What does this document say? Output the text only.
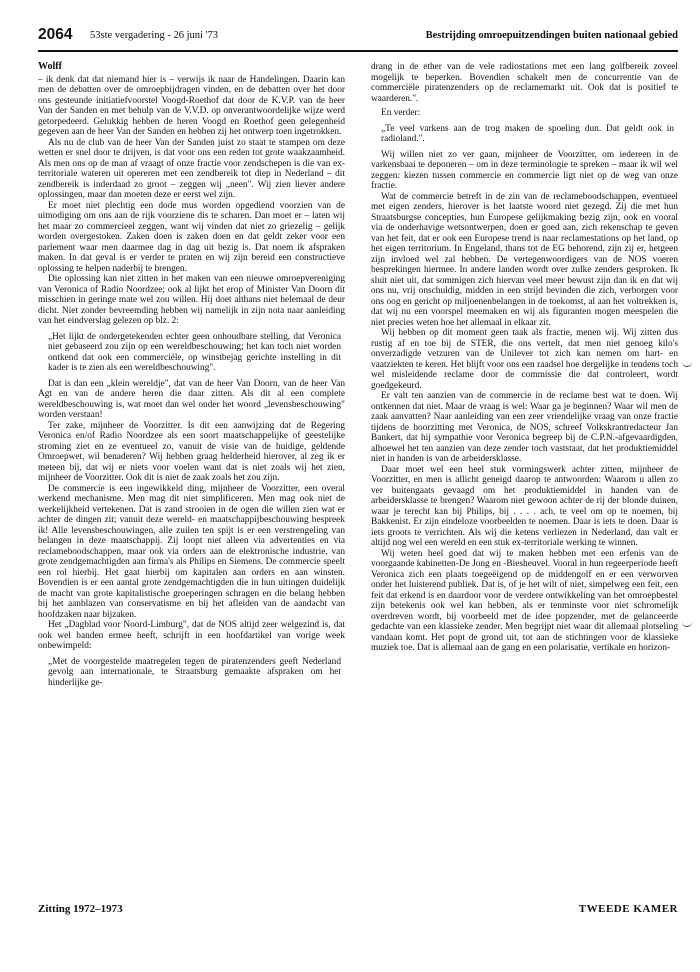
2064 53ste vergadering - 26 juni '73	Bestrijding omroepuitzendingen buiten nationaal gebied
Wolff

– ik denk dat dat niemand hier is – verwijs ik naar de Handelingen. Daarin kan men de debatten over de omroepbijdragen vinden, en de debatten over het door ons gesteunde initiatiefvoorstel Voogd-Roethof dat door de K.V.P. van de heer Van der Sanden en met behulp van de V.V.D. op onverantwoordelijke wijze werd getorpedeerd. Gelukkig hebben de heren Voogd en Roethof geen gelegenheid gegeven aan de heer Van der Sanden en hebben zij het ontwerp toen ingetrokken.

Als nu de club van de heer Van der Sanden juist zo staat te stampen om deze wetten er snel door te drijven, is dat voor ons een reden tot grote waakzaamheid. Als men ons op de man af vraagt of onze fractie voor zendschepen is die van ex-territoriale wateren uit opereren met een zendbereik tot diep in Nederland – dit zendbereik is inderdaad zo groot – zeggen wij „neen". Wij zien liever andere oplossingen, maar dan moeten deze er eerst wel zijn.

Er moet niet plechtig een dode mus worden opgediend voorzien van de uitnodiging om ons aan de rijk voorziene dis te scharen. Dan moet er – laten wij het maar zo commercieel zeggen, want wij vinden dat niet zo griezelig – gelijk worden overgestoken. Zaken doen is zaken doen en dat geldt zeker voor een parlement waar men daarmee dag in dag uit bezig is. Dat noem ik afspraken maken. In dat geval is er verder te praten en wij zijn bereid een constructieve oplossing te helpen naderbij te brengen.

Die oplossing kan niet zitten in het maken van een nieuwe omroepvereniging van Veronica of Radio Noordzee; ook al lijkt het erop of Minister Van Doorn dit misschien in geringe mate wel zou willen. Hij doet althans niet helemaal de deur dicht. Niet zonder bevreemding hebben wij namelijk in zijn nota naar aanleiding van het eindverslag gelezen op blz. 2:

„Het lijkt de ondergetekenden echter geen onhoudbare stelling, dat Veronica niet gebaseerd zou zijn op een wereldbeschouwing; het kan toch niet worden ontkend dat ook een commerciële, op winstbejag gerichte instelling in dit kader is te zien als een wereldbeschouwing".

Dat is dan een „klein wereldje", dat van de heer Van Doorn, van de heer Van Agt en van de andere heren die daar zitten. Als dit al een complete wereldbeschouwing is, wat moet dan wel onder het woord „levensbeschouwing" worden verstaan!

Ter zake, mijnheer de Voorzitter. Is dit een aanwijzing dat de Regering Veronica en/of Radio Noordzee als een soort maatschappelijke of geestelijke stroming ziet en ze eventueel zo, vanuit de visie van de huidige, geldende Omroepwet, wil benaderen? Wij hebben graag helderheid hierover, al zeg ik er meteen bij, dat wij er niets voor voelen want dat is niet zoals wij het zien, mijnheer de Voorzitter. Ook dit is niet de zaak zoals het zou zijn.

De commercie is een ingewikkeld ding, mijnheer de Voorzitter, een overal werkend mechanisme. Men mag dit niet simplificeren. Men mag ook niet de werkelijkheid vertekenen. Dat is zand strooien in de ogen die willen zien wat er achter de dingen zit; vanuit deze wereld- en maatschappijbeschouwing bespreek ik! Alle levensbeschouwingen, alle zuilen ten spijt is er een verstrengeling van belangen in deze maatschappij. Zij loopt niet alleen via advertenties en via reclameboodschappen, maar ook via orders aan de elektronische industrie, van grote zendgemachtigden aan firma's als Philips en Siemens. De commercie speelt een rol hierbij. Het gaat hierbij om kapitalen aan orders en aan winsten. Bovendien is er een aantal grote zendgemachtigden die in hun uitingen duidelijk de macht van grote kapitalistische groeperingen schragen en die belang hebben bij het aanblazen van conservatisme en bij het afleiden van de aandacht van hoofdzaken naar bijzaken.

Het „Dagblad voor Noord-Limburg", dat de NOS altijd zeer welgezind is, dat ook wel banden ermee heeft, schrijft in een hoofdartikel van vorige week onbewimpeld:

„Met de voorgestelde maatregelen tegen de piratenzenders geeft Nederland gevolg aan internationale, te Straatsburg gemaakte afspraken om het hinderlijke ge-

drang in de ether van de vele radiostations met een lang golfbereik zoveel mogelijk te beperken. Bovendien schakelt men de concurrentie van de commerciële piratenzenders op de reclamemarkt uit. Ook dat is positief te waarderen.".

En verder:

„Te veel varkens aan de trog maken de spoeling dun. Dat geldt ook in radioland.".

Wij willen niet zo ver gaan, mijnheer de Voorzitter, om iedereen in de varkensbaai te deponeren – om in deze terminologie te spreken – maar ik wil wel zeggen: kiezen tussen commercie en commercie ligt niet op de weg van onze fractie.

Wat de commercie betreft in de zin van de reclameboodschappen, eventueel met eigen zenders, hierover is het laatste woord niet gezegd. Zij die met hun Straatsburgse concepties, hun Europese gelijkmaking bezig zijn, ook en vooral via de onderhavige wetsontwerpen, doen er goed aan, zich rekenschap te geven van het feit, dat er ook een Europese trend is naar reclamestations op het land, op het eigen territorium. In Engeland, thans tot de EG behorend, zijn zij er, hetgeen zijn invloed wel zal hebben. De vertegenwoordigers van de NOS voeren besprekingen hiermee. In andere landen wordt over zulke zenders gesproken. Ik sluit niet uit, dat sommigen zich hiervan veel meer bewust zijn dan ik en dat wij ons nu, vrij onschuldig, midden in een strijd bevinden die zich, verborgen voor ons oog en gericht op miljoenenbelangen in de toekomst, al aan het voltrekken is, dat wij nu een voorspel meemaken en wij als figuranten mogen meespelen die niet precies weten hoe het allemaal in elkaar zit.

Wij hebben op dit moment geen taak als fractie, menen wij. Wij zitten dus rustig af en toe bij de STER, die ons vertelt, dat men niet genoeg kilo's onverzadigde vetzuren van de Unilever tot zich kan nemen om hart- en vaatziekten te keren. Het blijft voor ons een raadsel hoe dergelijke in tendens toch wel misleidende reclame door de commissie die dat controleert, wordt goedgekeurd.

Er valt ten aanzien van de commercie in de reclame best wat te doen. Wij ontkennen dat niet. Maar de vraag is wel: Waar ga je beginnen? Waar wil men de zaak aanvatten? Naar aanleiding van een zeer vriendelijke vraag van onze fractie tijdens de hoorzitting met Veronica, de NOS, schreef Volkskrantredacteur Jan Bankert, dat hij sympathie voor Veronica begreep bij de C.P.N.-afgevaardigden, alhoewel het ten aanzien van deze zender toch vaststaat, dat het produktiemiddel niet in handen is van de arbeidersklasse.

Daar moet wel een heel stuk vormingswerk achter zitten, mijnheer de Voorzitter, en men is allicht geneigd daarop te antwoorden: Waarom u allen zo ver buitengaats gevaagd om het produktiemiddel in handen van de arbeidersklasse te brengen? Waarom niet gewoon achter de rij der blonde duinen, waar je terecht kan bij Philips, bij . . . . ach, te veel om op te noemen, bij Bakkenist. Er zijn eindeloze voorbeelden te noemen. Daar is iets te doen. Daar is iets groots te verrichten. Als wij die ketens verliezen in Nederland, dan valt er altijd nog wel een wereld en een stuk ex-territoriale werking te winnen.

Wij weten heel goed dat wij te maken hebben met een erfenis van de voorgaande kabinetten-De Jong en -Biesheuvel. Vooral in hun regeerperiode heeft Veronica zich een plaats toegeëigend op de middengolf en er een verworven onder het luisterend publiek. Dat is, of je het wilt of niet, simpelweg een feit, een feit dat erkend is en daardoor voor de verdere ontwikkeling van het omroepbestel zijn betekenis ook wel kan hebben, als er tenminste voor niet schromelijk overdreven wordt, bij voorbeeld met de idee popzender, met de gelanceerde gedachte van een klassieke zender. Men begrijpt niet waar dit allemaal plotseling vandaan komt. Het popt de grond uit, tot aan de stichtingen voor de klassieke muziek toe. Dat is allemaal aan de gang en een polarisatie, vertikale en horizon-

Zitting 1972–1973	TWEEDE KAMER
